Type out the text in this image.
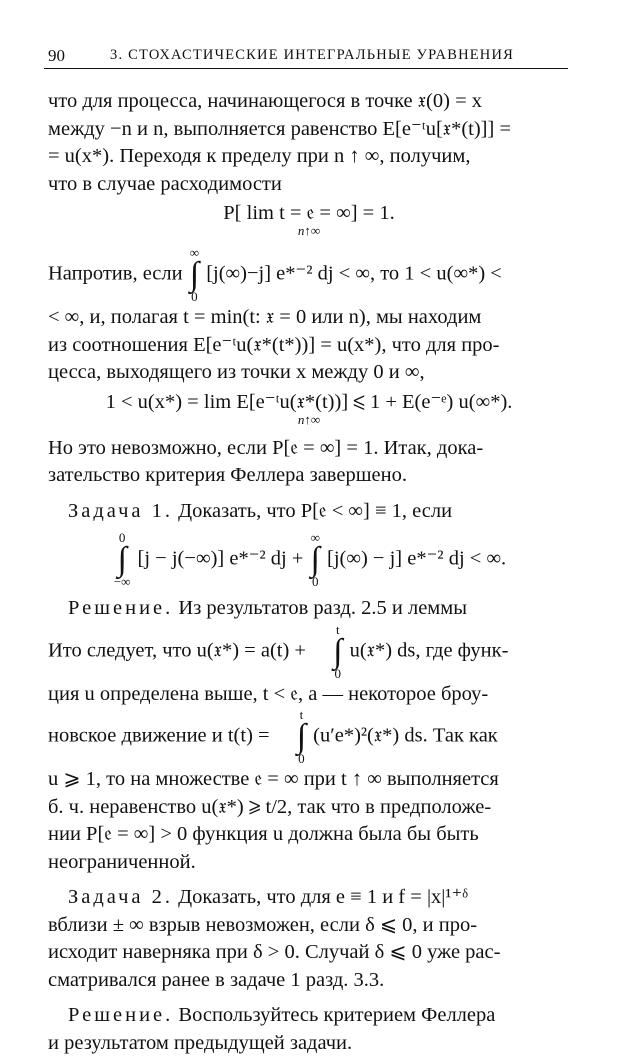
90	3. СТОХАСТИЧЕСКИЕ ИНТЕГРАЛЬНЫЕ УРАВНЕНИЯ

что для процесса, начинающегося в точке 𝔵(0) = x
между −n и n, выполняется равенство E[e⁻ᵗu[𝔵*(t)]] =
= u(x*). Переходя к пределу при n ↑ ∞, получим,
что в случае расходимости

P[ lim t = 𝔢 = ∞] = 1.
n↑∞

Напротив, если
∞
∫
0
[j(∞)−j] e*⁻² dj < ∞, то 1 < u(∞*) <
< ∞, и, полагая t = min(t: 𝔵 = 0 или n), мы находим
из соотношения E[e⁻ᵗu(𝔵*(t*))] = u(x*), что для про-
цесса, выходящего из точки x между 0 и ∞,

1 < u(x*) = lim E[e⁻ᵗu(𝔵*(t))] ⩽ 1 + E(e⁻ᵉ) u(∞*).
n↑∞

Но это невозможно, если P[𝔢 = ∞] = 1. Итак, дока-
зательство критерия Феллера завершено.

Задача 1. Доказать, что P[𝔢 < ∞] ≡ 1, если

0
∫
−∞
[j − j(−∞)] e*⁻² dj +
∞
∫
0
[j(∞) − j] e*⁻² dj < ∞.

Решение. Из результатов разд. 2.5 и леммы
Ито следует, что u(𝔵*) = a(t) +
t
∫
0
u(𝔵*) ds, где функ-
ция u определена выше, t < 𝔢, a — некоторое броу-
новское движение и t(t) =
t
∫
0
(u′e*)²(𝔵*) ds. Так как
u ⩾ 1, то на множестве 𝔢 = ∞ при t ↑ ∞ выполняется
б. ч. неравенство u(𝔵*) ⩾ t/2, так что в предположе-
нии P[𝔢 = ∞] > 0 функция u должна была бы быть
неограниченной.

Задача 2. Доказать, что для e ≡ 1 и f = |x|¹⁺ᵟ
вблизи ± ∞ взрыв невозможен, если δ ⩽ 0, и про-
исходит наверняка при δ > 0. Случай δ ⩽ 0 уже рас-
сматривался ранее в задаче 1 разд. 3.3.

Решение. Воспользуйтесь критерием Феллера
и результатом предыдущей задачи.
